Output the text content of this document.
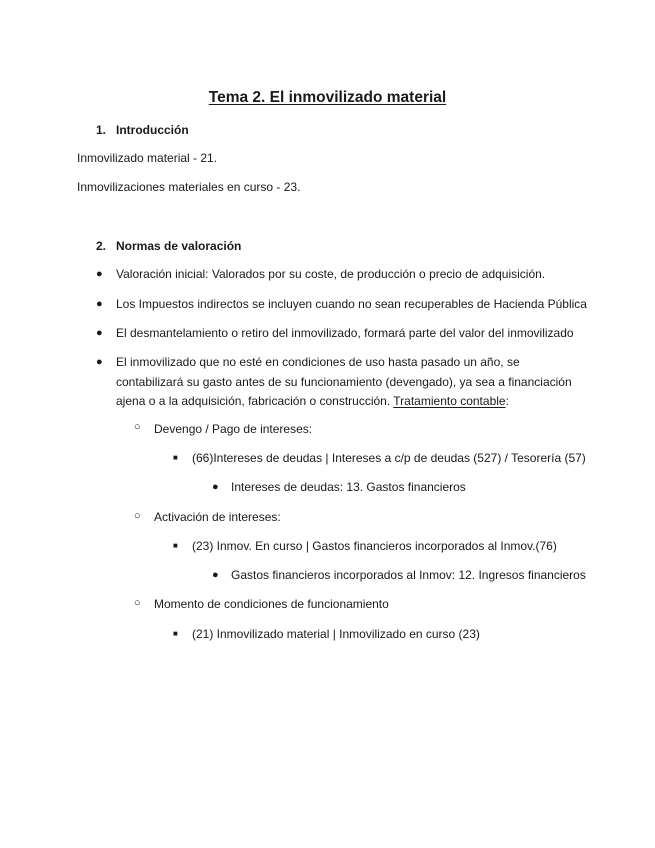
Tema 2. El inmovilizado material
1. Introducción
Inmovilizado material - 21.
Inmovilizaciones materiales en curso - 23.
2. Normas de valoración
● Valoración inicial: Valorados por su coste, de producción o precio de adquisición.
● Los Impuestos indirectos se incluyen cuando no sean recuperables de Hacienda Pública
● El desmantelamiento o retiro del inmovilizado, formará parte del valor del inmovilizado
● El inmovilizado que no esté en condiciones de uso hasta pasado un año, se contabilizará su gasto antes de su funcionamiento (devengado), ya sea a financiación ajena o a la adquisición, fabricación o construcción. Tratamiento contable:
○ Devengo / Pago de intereses:
■ (66)Intereses de deudas | Intereses a c/p de deudas (527) / Tesorería (57)
● Intereses de deudas: 13. Gastos financieros
○ Activación de intereses:
■ (23) Inmov. En curso | Gastos financieros incorporados al Inmov.(76)
● Gastos financieros incorporados al Inmov: 12. Ingresos financieros
○ Momento de condiciones de funcionamiento
■ (21) Inmovilizado material | Inmovilizado en curso (23)
